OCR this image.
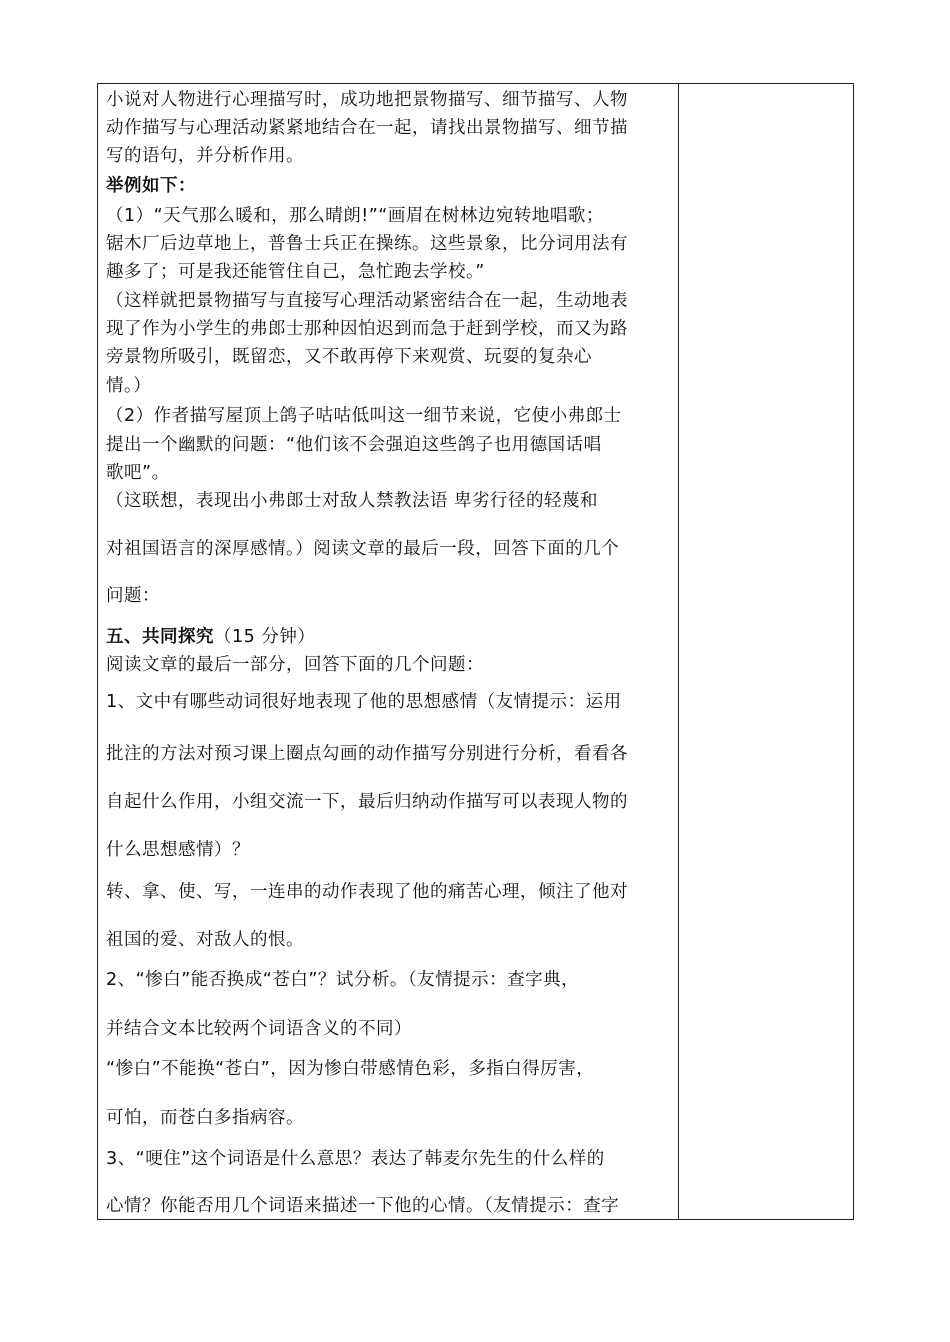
小说对人物进行心理描写时，成功地把景物描写、细节描写、人物
动作描写与心理活动紧紧地结合在一起，请找出景物描写、细节描
写的语句，并分析作用。
举例如下：
（1）“天气那么暖和，那么晴朗!”“画眉在树林边宛转地唱歌；
锯木厂后边草地上，普鲁士兵正在操练。这些景象，比分词用法有
趣多了；可是我还能管住自己，急忙跑去学校。”
（这样就把景物描写与直接写心理活动紧密结合在一起，生动地表
现了作为小学生的弗郎士那种因怕迟到而急于赶到学校，而又为路
旁景物所吸引，既留恋，又不敢再停下来观赏、玩耍的复杂心
情。）
（2）作者描写屋顶上鸽子咕咕低叫这一细节来说，它使小弗郎士
提出一个幽默的问题：“他们该不会强迫这些鸽子也用德国话唱
歌吧”。
（这联想，表现出小弗郎士对敌人禁教法语 卑劣行径的轻蔑和
对祖国语言的深厚感情。）阅读文章的最后一段，回答下面的几个
问题：
五、共同探究（15 分钟）
阅读文章的最后一部分，回答下面的几个问题：
1、文中有哪些动词很好地表现了他的思想感情（友情提示：运用
批注的方法对预习课上圈点勾画的动作描写分别进行分析，看看各
自起什么作用，小组交流一下，最后归纳动作描写可以表现人物的
什么思想感情）？
转、拿、使、写，一连串的动作表现了他的痛苦心理，倾注了他对
祖国的爱、对敌人的恨。
2、“惨白”能否换成“苍白”？试分析。（友情提示：查字典，
并结合文本比较两个词语含义的不同）
“惨白”不能换“苍白”，因为惨白带感情色彩，多指白得厉害，
可怕，而苍白多指病容。
3、“哽住”这个词语是什么意思？表达了韩麦尔先生的什么样的
心情？你能否用几个词语来描述一下他的心情。（友情提示：查字
